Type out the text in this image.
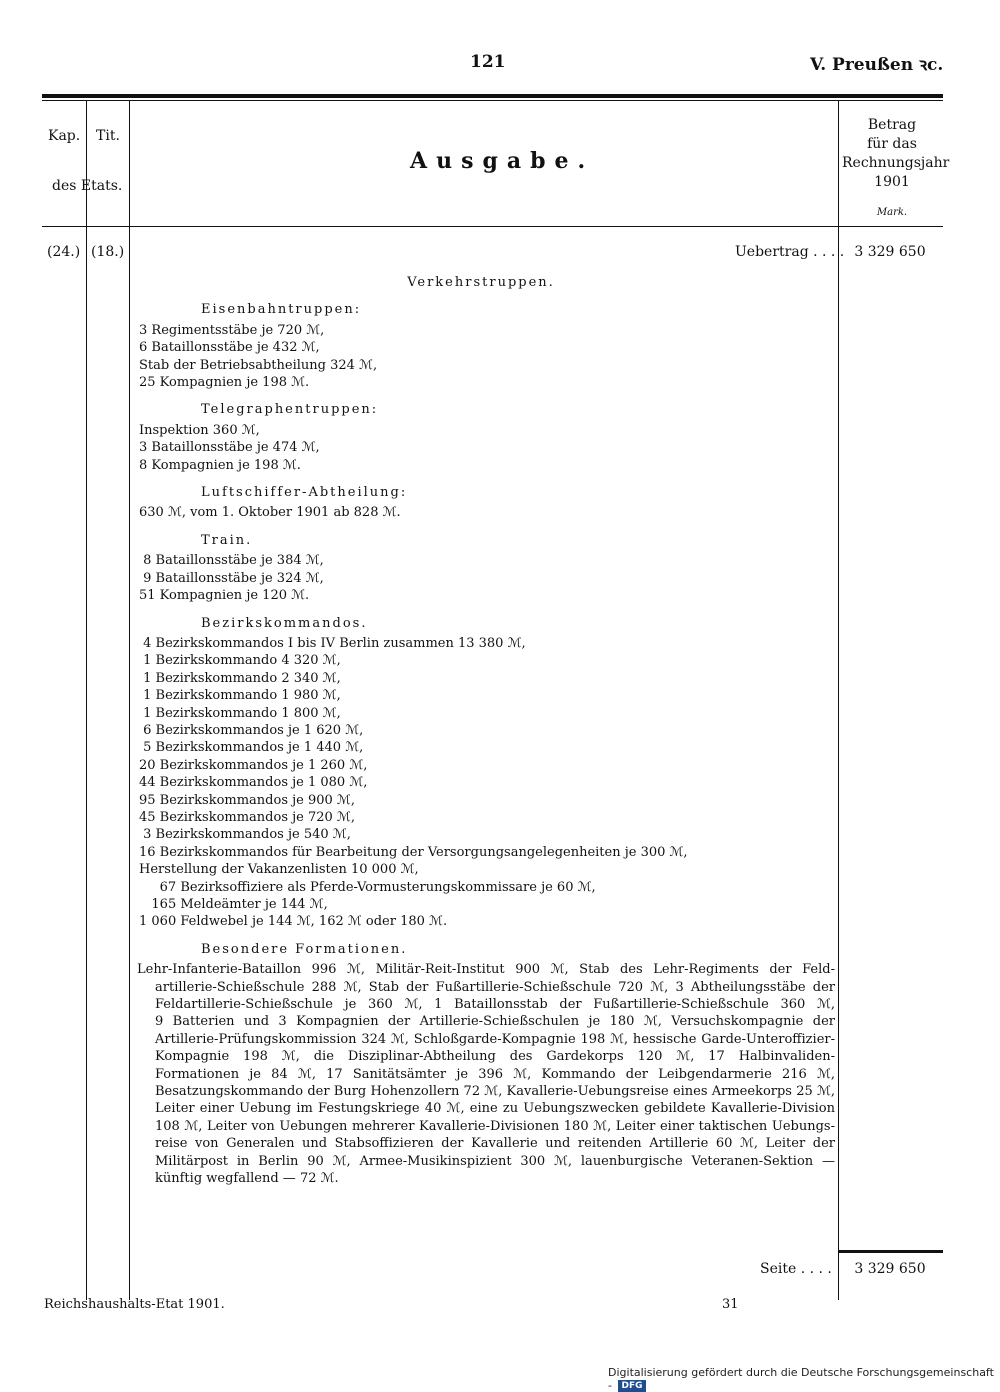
121	V. Preußen ꝛc.
Kap. Tit.
des Etats.
Ausgabe.
Betrag
für das
Rechnungsjahr
1901
Mark.
(24.) (18.)	Uebertrag . . . . 3 329 650
Verkehrstruppen.
Eisenbahntruppen:
3 Regimentsstäbe je 720 ℳ,
6 Bataillonsstäbe je 432 ℳ,
Stab der Betriebsabtheilung 324 ℳ,
25 Kompagnien je 198 ℳ.
Telegraphentruppen:
Inspektion 360 ℳ,
3 Bataillonsstäbe je 474 ℳ,
8 Kompagnien je 198 ℳ.
Luftschiffer-Abtheilung:
630 ℳ, vom 1. Oktober 1901 ab 828 ℳ.
Train.
8 Bataillonsstäbe je 384 ℳ,
9 Bataillonsstäbe je 324 ℳ,
51 Kompagnien je 120 ℳ.
Bezirkskommandos.
4 Bezirkskommandos I bis IV Berlin zusammen 13 380 ℳ,
1 Bezirkskommando 4 320 ℳ,
1 Bezirkskommando 2 340 ℳ,
1 Bezirkskommando 1 980 ℳ,
1 Bezirkskommando 1 800 ℳ,
6 Bezirkskommandos je 1 620 ℳ,
5 Bezirkskommandos je 1 440 ℳ,
20 Bezirkskommandos je 1 260 ℳ,
44 Bezirkskommandos je 1 080 ℳ,
95 Bezirkskommandos je 900 ℳ,
45 Bezirkskommandos je 720 ℳ,
3 Bezirkskommandos je 540 ℳ,
16 Bezirkskommandos für Bearbeitung der Versorgungsangelegenheiten je 300 ℳ,
Herstellung der Vakanzenlisten 10 000 ℳ,
67 Bezirksoffiziere als Pferde-Vormusterungskommissare je 60 ℳ,
165 Meldeämter je 144 ℳ,
1 060 Feldwebel je 144 ℳ, 162 ℳ oder 180 ℳ.
Besondere Formationen.
Lehr-Infanterie-Bataillon 996 ℳ, Militär-Reit-Institut 900 ℳ, Stab des Lehr-Regiments der Feld-
artillerie-Schießschule 288 ℳ, Stab der Fußartillerie-Schießschule 720 ℳ, 3 Abtheilungsstäbe der
Feldartillerie-Schießschule je 360 ℳ, 1 Bataillonsstab der Fußartillerie-Schießschule 360 ℳ,
9 Batterien und 3 Kompagnien der Artillerie-Schießschulen je 180 ℳ, Versuchskompagnie der
Artillerie-Prüfungskommission 324 ℳ, Schloßgarde-Kompagnie 198 ℳ, hessische Garde-Unteroffizier-
Kompagnie 198 ℳ, die Disziplinar-Abtheilung des Gardekorps 120 ℳ, 17 Halbinvaliden-
Formationen je 84 ℳ, 17 Sanitätsämter je 396 ℳ, Kommando der Leibgendarmerie 216 ℳ,
Besatzungskommando der Burg Hohenzollern 72 ℳ, Kavallerie-Uebungsreise eines Armeekorps 25 ℳ,
Leiter einer Uebung im Festungskriege 40 ℳ, eine zu Uebungszwecken gebildete Kavallerie-Division
108 ℳ, Leiter von Uebungen mehrerer Kavallerie-Divisionen 180 ℳ, Leiter einer taktischen Uebungs-
reise von Generalen und Stabsoffizieren der Kavallerie und reitenden Artillerie 60 ℳ, Leiter der
Militärpost in Berlin 90 ℳ, Armee-Musikinspizient 300 ℳ, lauenburgische Veteranen-Sektion —
künftig wegfallend — 72 ℳ.
Seite . . . .	3 329 650
Reichshaushalts-Etat 1901.	31
Digitalisierung gefördert durch die Deutsche Forschungsgemeinschaft - DFG
